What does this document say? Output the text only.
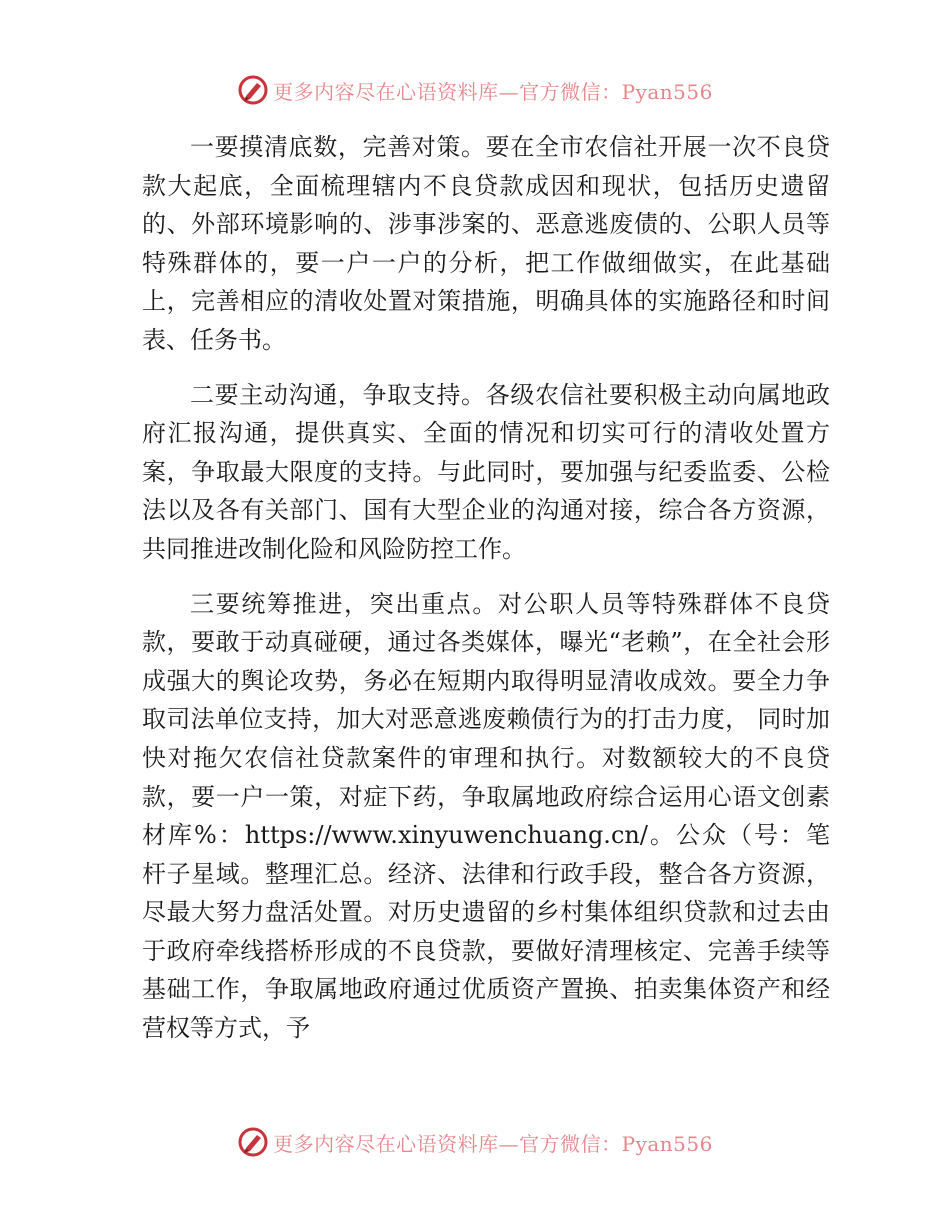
更多内容尽在心语资料库—官方微信：Pyan556

一要摸清底数，完善对策。要在全市农信社开展一次不良贷款大起底，全面梳理辖内不良贷款成因和现状，包括历史遗留的、外部环境影响的、涉事涉案的、恶意逃废债的、公职人员等特殊群体的，要一户一户的分析，把工作做细做实，在此基础上，完善相应的清收处置对策措施，明确具体的实施路径和时间表、任务书。

二要主动沟通，争取支持。各级农信社要积极主动向属地政府汇报沟通，提供真实、全面的情况和切实可行的清收处置方案，争取最大限度的支持。与此同时，要加强与纪委监委、公检法以及各有关部门、国有大型企业的沟通对接，综合各方资源，共同推进改制化险和风险防控工作。

三要统筹推进，突出重点。对公职人员等特殊群体不良贷款，要敢于动真碰硬，通过各类媒体，曝光“老赖”，在全社会形成强大的舆论攻势，务必在短期内取得明显清收成效。要全力争取司法单位支持，加大对恶意逃废赖债行为的打击力度， 同时加快对拖欠农信社贷款案件的审理和执行。对数额较大的不良贷款，要一户一策，对症下药，争取属地政府综合运用心语文创素材库%：https://www.xinyuwenchuang.cn/。公众（号：笔杆子星域。整理汇总。经济、法律和行政手段，整合各方资源，尽最大努力盘活处置。对历史遗留的乡村集体组织贷款和过去由于政府牵线搭桥形成的不良贷款，要做好清理核定、完善手续等基础工作，争取属地政府通过优质资产置换、拍卖集体资产和经营权等方式，予

更多内容尽在心语资料库—官方微信：Pyan556
